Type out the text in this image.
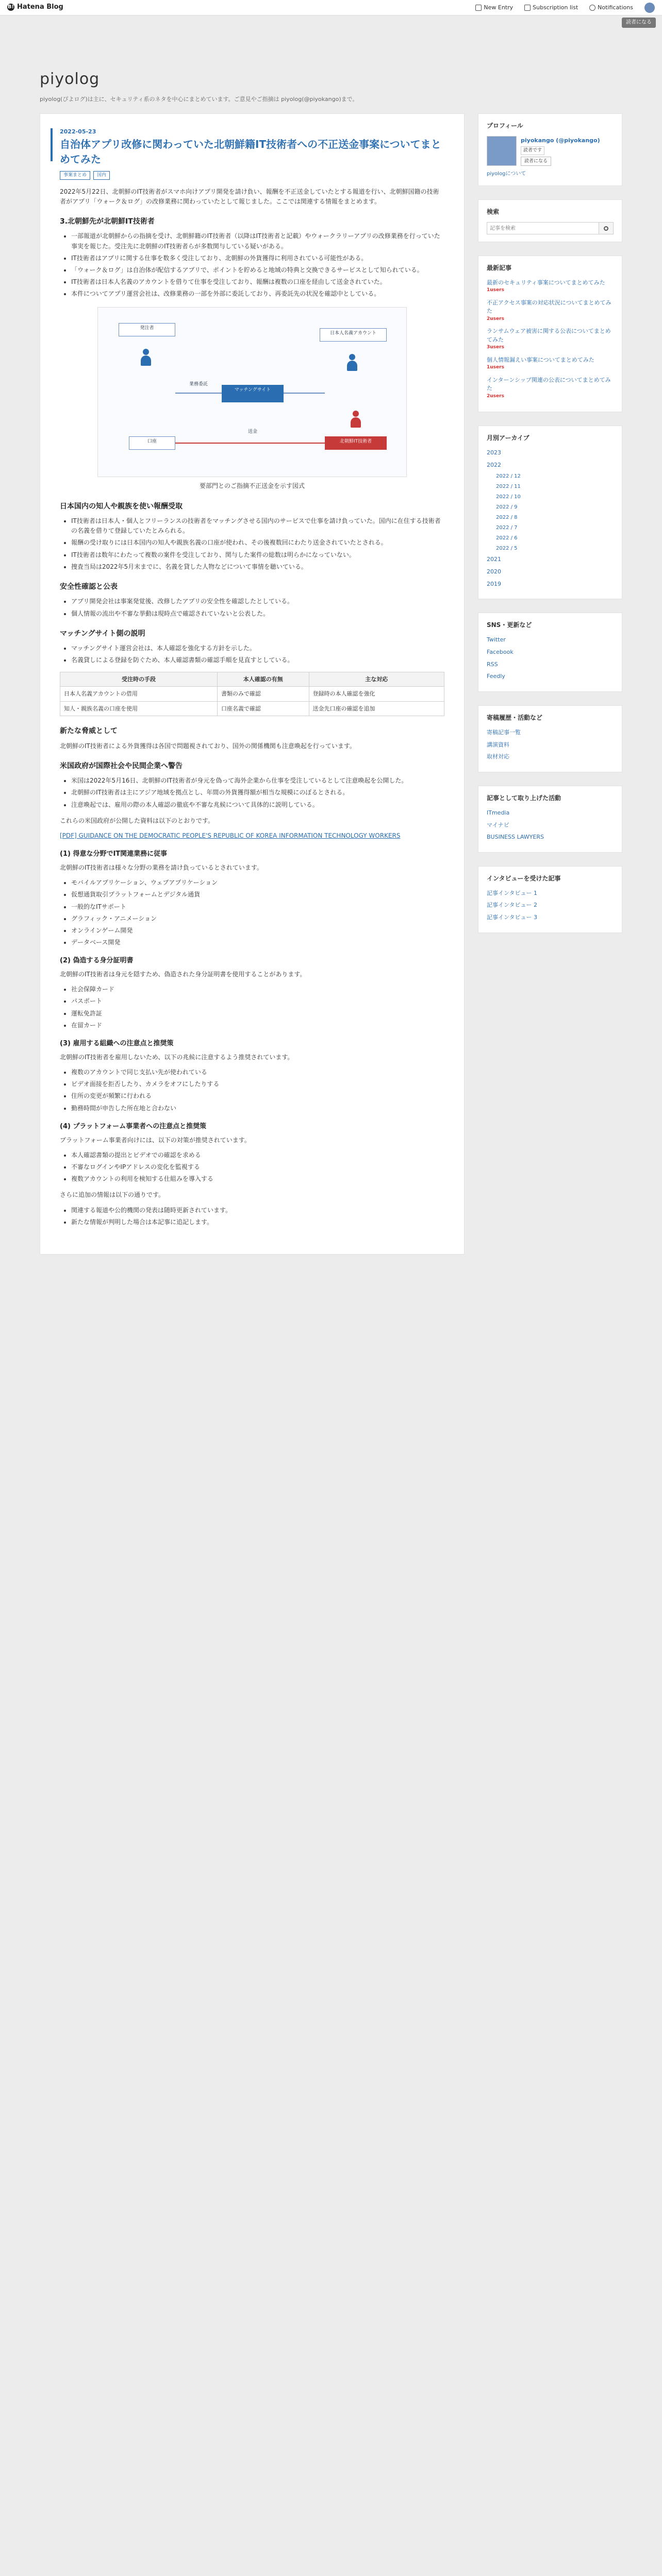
B! Hatena Blog	New Entry	Subscription list	Notifications
読者になる
piyolog

piyolog(ぴよログ)は主に、セキュリティ系のネタを中心にまとめています。ご意見やご指摘は piyolog(@piyokango)まで。

2022-05-23
自治体アプリ改修に関わっていた北朝鮮籍IT技術者への不正送金事案についてまとめてみた
事案まとめ	国内

2022年5月22日、北朝鮮のIT技術者がスマホ向けアプリ開発を請け負い、報酬を不正送金していたとする報道を行い、北朝鮮国籍の技術者がアプリ「ウォーク＆ログ」の改修業務に関わっていたとして報じました。ここでは関連する情報をまとめます。

3.北朝鮮先が北朝鮮IT技術者
• 一部報道が北朝鮮からの指摘を受け、北朝鮮籍のIT技術者（以降はIT技術者と記載）やウォークラリーアプリの改修業務を行っていた事実を報じた。受注先に北朝鮮のIT技術者らが多数関与している疑いがある。
• IT技術者はアプリに関する仕事を数多く受注しており、北朝鮮の外貨獲得に利用されている可能性がある。
• 「ウォーク＆ログ」は自治体が配信するアプリで、ポイントを貯めると地域の特典と交換できるサービスとして知られている。
• IT技術者は日本人名義のアカウントを借りて仕事を受注しており、報酬は複数の口座を経由して送金されていた。
• 本件についてアプリ運営会社は、改修業務の一部を外部に委託しており、再委託先の状況を確認中としている。
発注者
マッチングサイト
日本人名義アカウント
北朝鮮IT技術者
口座
送金
業務委託

要部門とのご指摘不正送金を示す図式

日本国内の知人や親族を使い報酬受取
• IT技術者は日本人・個人とフリーランスの技術者をマッチングさせる国内のサービスで仕事を請け負っていた。国内に在住する技術者の名義を借りて登録していたとみられる。
• 報酬の受け取りには日本国内の知人や親族名義の口座が使われ、その後複数回にわたり送金されていたとされる。
• IT技術者は数年にわたって複数の案件を受注しており、関与した案件の総数は明らかになっていない。
• 捜査当局は2022年5月末までに、名義を貸した人物などについて事情を聴いている。
安全性確認と公表
• アプリ開発会社は事案発覚後、改修したアプリの安全性を確認したとしている。
• 個人情報の流出や不審な挙動は現時点で確認されていないと公表した。
マッチングサイト側の説明
• マッチングサイト運営会社は、本人確認を強化する方針を示した。
• 名義貸しによる登録を防ぐため、本人確認書類の確認手順を見直すとしている。
受注時の手段	本人確認の有無	主な対応
日本人名義アカウントの借用	書類のみで確認	登録時の本人確認を強化
知人・親族名義の口座を使用	口座名義で確認	送金先口座の確認を追加
新たな脅威として

北朝鮮のIT技術者による外貨獲得は各国で問題視されており、国外の関係機関も注意喚起を行っています。

米国政府が国際社会や民間企業へ警告
• 米国は2022年5月16日、北朝鮮のIT技術者が身元を偽って海外企業から仕事を受注しているとして注意喚起を公開した。
• 北朝鮮のIT技術者は主にアジア地域を拠点とし、年間の外貨獲得額が相当な規模にのぼるとされる。
• 注意喚起では、雇用の際の本人確認の徹底や不審な兆候について具体的に説明している。

これらの米国政府が公開した資料は以下のとおりです。

[PDF] GUIDANCE ON THE DEMOCRATIC PEOPLE'S REPUBLIC OF KOREA INFORMATION TECHNOLOGY WORKERS
(1) 得意な分野でIT関連業務に従事

北朝鮮のIT技術者は様々な分野の業務を請け負っているとされています。

• モバイルアプリケーション、ウェブアプリケーション
• 仮想通貨取引プラットフォームとデジタル通貨
• 一般的なITサポート
• グラフィック・アニメーション
• オンラインゲーム開発
• データベース開発
(2) 偽造する身分証明書

北朝鮮のIT技術者は身元を隠すため、偽造された身分証明書を使用することがあります。

• 社会保障カード
• パスポート
• 運転免許証
• 在留カード
(3) 雇用する組織への注意点と推奨策

北朝鮮のIT技術者を雇用しないため、以下の兆候に注意するよう推奨されています。

• 複数のアカウントで同じ支払い先が使われている
• ビデオ面接を拒否したり、カメラをオフにしたりする
• 住所の変更が頻繁に行われる
• 勤務時間が申告した所在地と合わない
(4) プラットフォーム事業者への注意点と推奨策

プラットフォーム事業者向けには、以下の対策が推奨されています。

• 本人確認書類の提出とビデオでの確認を求める
• 不審なログインやIPアドレスの変化を監視する
• 複数アカウントの利用を検知する仕組みを導入する

さらに追加の情報は以下の通りです。

• 関連する報道や公的機関の発表は随時更新されています。
• 新たな情報が判明した場合は本記事に追記します。
プロフィール
piyokango (@piyokango)
読者です
読者になる
piyologについて
検索
記事を検索
最新記事
最新のセキュリティ事案についてまとめてみた
1users
不正アクセス事案の対応状況についてまとめてみた
2users
ランサムウェア被害に関する公表についてまとめてみた
3users
個人情報漏えい事案についてまとめてみた
1users
インターンシップ関連の公表についてまとめてみた
2users
月別アーカイブ
2023
2022
2022 / 12
2022 / 11
2022 / 10
2022 / 9
2022 / 8
2022 / 7
2022 / 6
2022 / 5
2021
2020
2019
SNS・更新など
Twitter
Facebook
RSS
Feedly
寄稿履歴・活動など
寄稿記事一覧
講演資料
取材対応
記事として取り上げた活動
ITmedia
マイナビ
BUSINESS LAWYERS
インタビューを受けた記事
記事インタビュー 1
記事インタビュー 2
記事インタビュー 3
